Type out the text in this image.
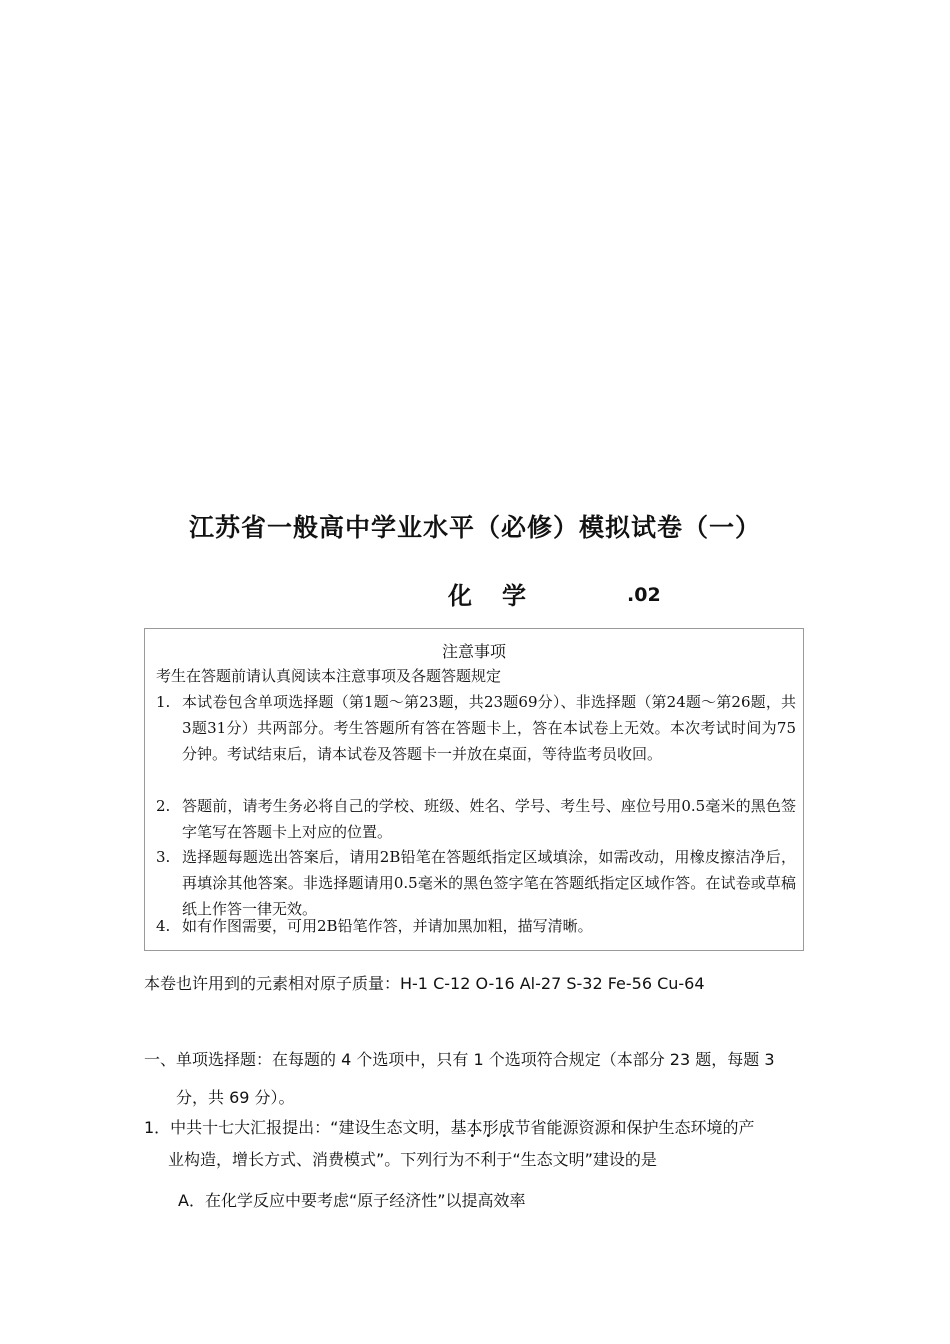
江苏省一般高中学业水平（必修）模拟试卷（一）
化学	.02
注意事项
考生在答题前请认真阅读本注意事项及各题答题规定
1. 本试卷包含单项选择题（第1题～第23题，共23题69分）、非选择题（第24题～第26题，共3题31分）共两部分。考生答题所有答在答题卡上，答在本试卷上无效。本次考试时间为75分钟。考试结束后，请本试卷及答题卡一并放在桌面，等待监考员收回。
2. 答题前，请考生务必将自己的学校、班级、姓名、学号、考生号、座位号用0.5毫米的黑色签字笔写在答题卡上对应的位置。
3. 选择题每题选出答案后，请用2B铅笔在答题纸指定区域填涂，如需改动，用橡皮擦洁净后，再填涂其他答案。非选择题请用0.5毫米的黑色签字笔在答题纸指定区域作答。在试卷或草稿纸上作答一律无效。
4. 如有作图需要，可用2B铅笔作答，并请加黑加粗，描写清晰。
本卷也许用到的元素相对原子质量：H-1 C-12 O-16 Al-27 S-32 Fe-56 Cu-64
一、单项选择题：在每题的 4 个选项中，只有 1 个选项符合规定（本部分 23 题，每题 3
分，共 69 分）。
1．中共十七大汇报提出：“建设生态文明，基本形成节省能源资源和保护生态环境的产
业构造，增长方式、消费模式”。下列行为不利于“生态文明”建设的是
A．在化学反应中要考虑“原子经济性”以提高效率
